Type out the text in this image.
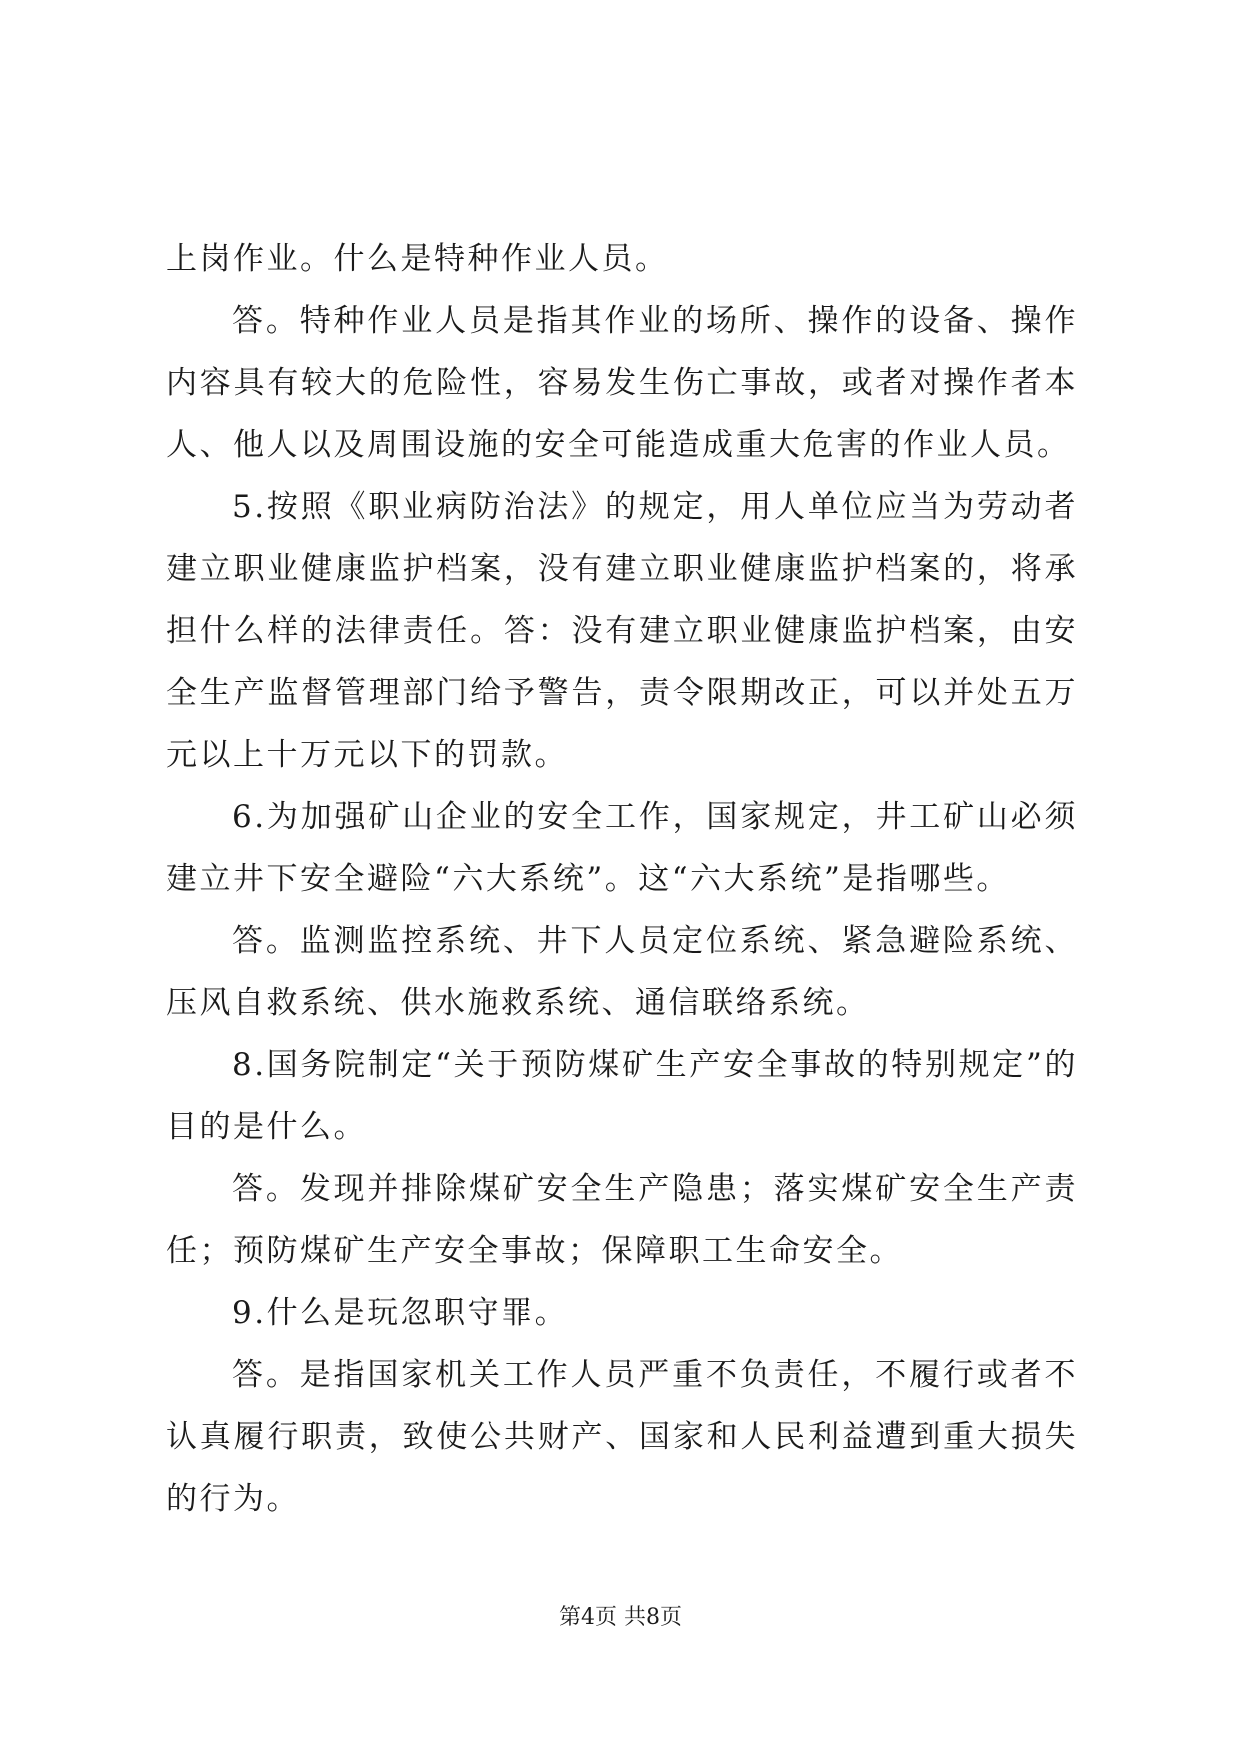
上岗作业。什么是特种作业人员。

答。特种作业人员是指其作业的场所、操作的设备、操作内容具有较大的危险性，容易发生伤亡事故，或者对操作者本人、他人以及周围设施的安全可能造成重大危害的作业人员。

5.按照《职业病防治法》的规定，用人单位应当为劳动者建立职业健康监护档案，没有建立职业健康监护档案的，将承担什么样的法律责任。答：没有建立职业健康监护档案，由安全生产监督管理部门给予警告，责令限期改正，可以并处五万元以上十万元以下的罚款。

6.为加强矿山企业的安全工作，国家规定，井工矿山必须建立井下安全避险“六大系统”。这“六大系统”是指哪些。

答。监测监控系统、井下人员定位系统、紧急避险系统、压风自救系统、供水施救系统、通信联络系统。

8.国务院制定“关于预防煤矿生产安全事故的特别规定”的目的是什么。

答。发现并排除煤矿安全生产隐患；落实煤矿安全生产责任；预防煤矿生产安全事故；保障职工生命安全。

9.什么是玩忽职守罪。

答。是指国家机关工作人员严重不负责任，不履行或者不认真履行职责，致使公共财产、国家和人民利益遭到重大损失的行为。

第4页 共8页
